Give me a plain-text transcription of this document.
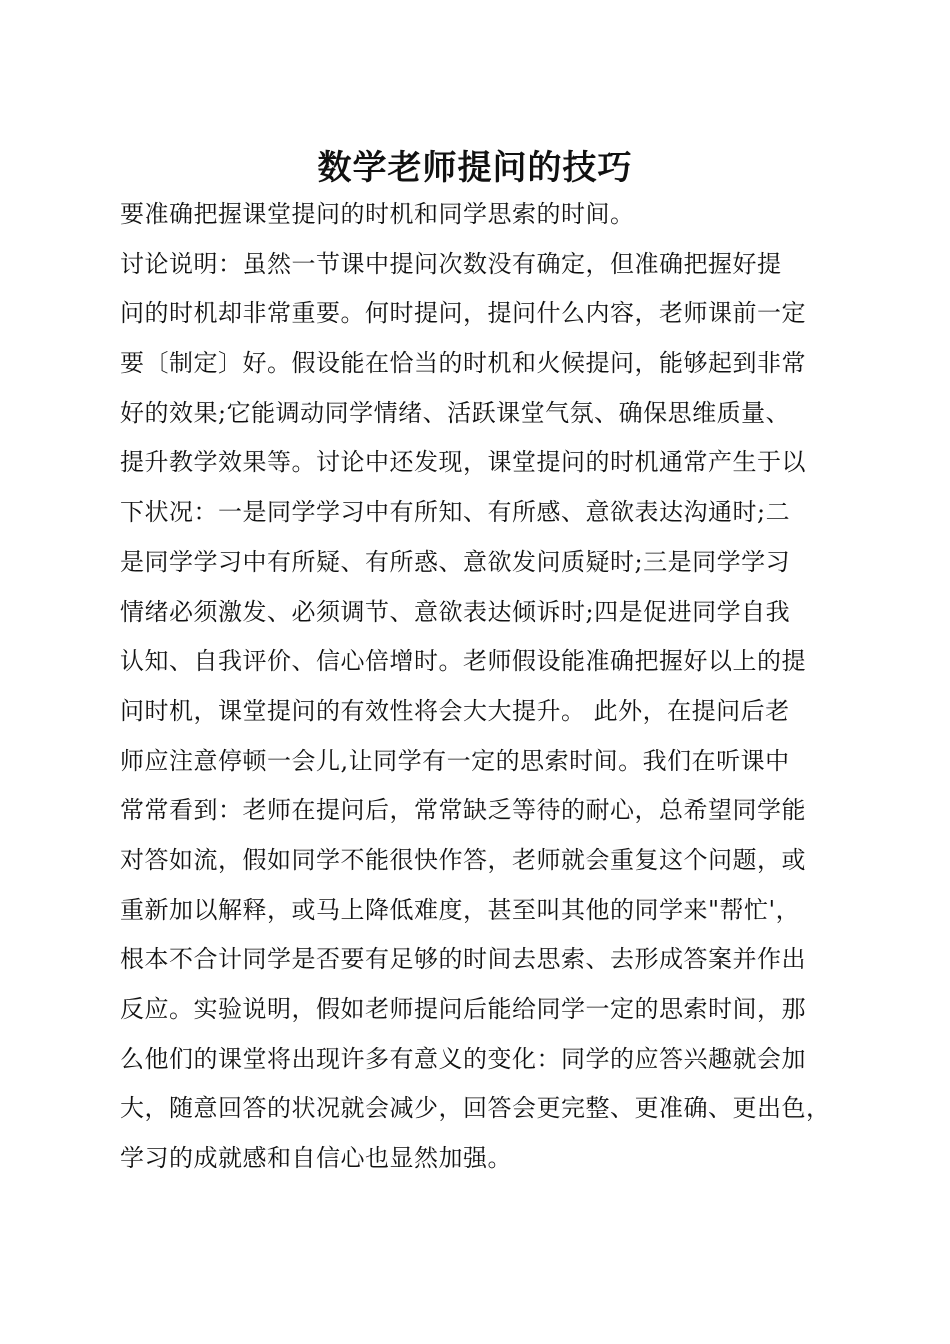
数学老师提问的技巧
要准确把握课堂提问的时机和同学思索的时间。
讨论说明：虽然一节课中提问次数没有确定，但准确把握好提
问的时机却非常重要。何时提问，提问什么内容，老师课前一定
要〔制定〕好。假设能在恰当的时机和火候提问，能够起到非常
好的效果;它能调动同学情绪、活跃课堂气氛、确保思维质量、
提升教学效果等。讨论中还发现，课堂提问的时机通常产生于以
下状况：一是同学学习中有所知、有所感、意欲表达沟通时;二
是同学学习中有所疑、有所惑、意欲发问质疑时;三是同学学习
情绪必须激发、必须调节、意欲表达倾诉时;四是促进同学自我
认知、自我评价、信心倍增时。老师假设能准确把握好以上的提
问时机，课堂提问的有效性将会大大提升。 此外，在提问后老
师应注意停顿一会儿,让同学有一定的思索时间。我们在听课中
常常看到：老师在提问后，常常缺乏等待的耐心，总希望同学能
对答如流，假如同学不能很快作答，老师就会重复这个问题，或
重新加以解释，或马上降低难度，甚至叫其他的同学来"帮忙'，
根本不合计同学是否要有足够的时间去思索、去形成答案并作出
反应。实验说明，假如老师提问后能给同学一定的思索时间，那
么他们的课堂将出现许多有意义的变化：同学的应答兴趣就会加
大，随意回答的状况就会减少，回答会更完整、更准确、更出色，
学习的成就感和自信心也显然加强。
